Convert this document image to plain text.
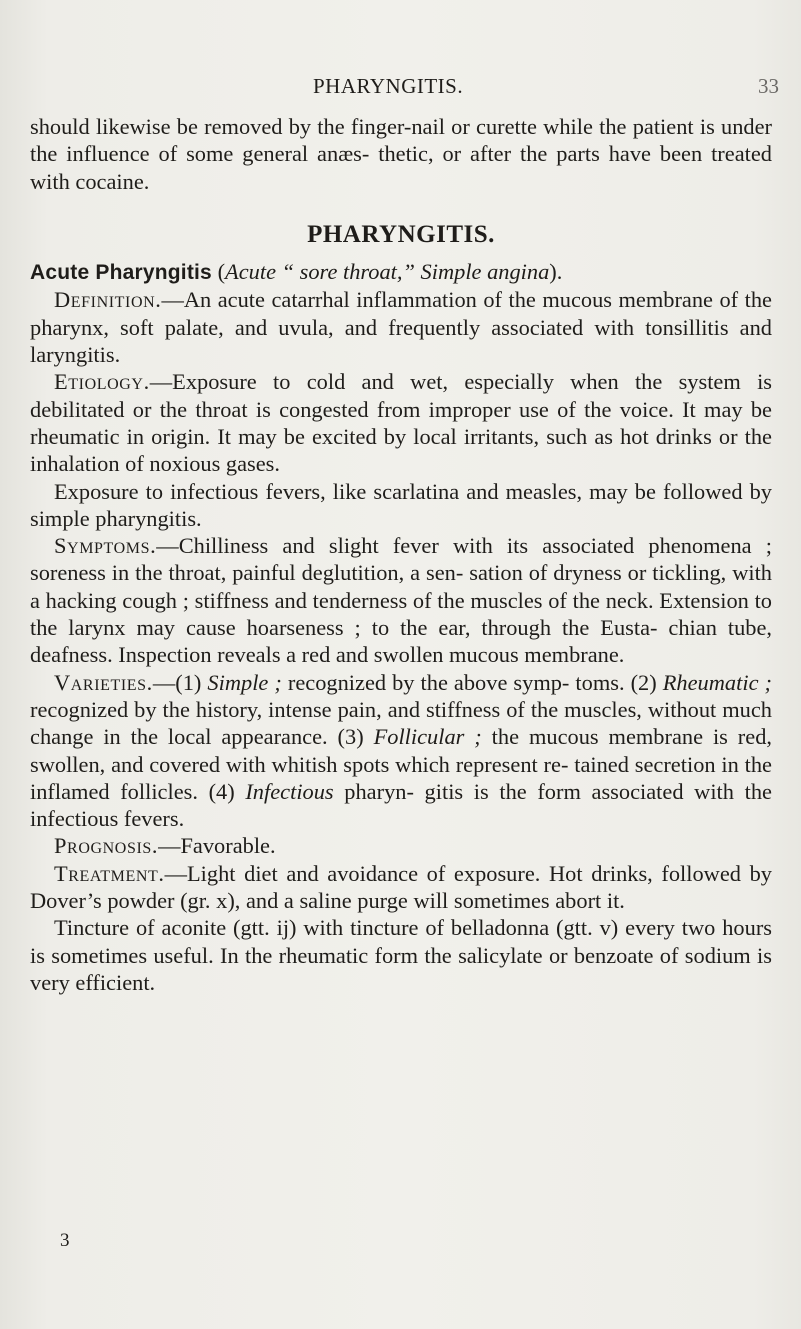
PHARYNGITIS.	33

should likewise be removed by the finger-nail or curette while the patient is under the influence of some general anæs- thetic, or after the parts have been treated with cocaine.

PHARYNGITIS.

Acute Pharyngitis (Acute “ sore throat,” Simple angina).

Definition.—An acute catarrhal inflammation of the mucous membrane of the pharynx, soft palate, and uvula, and frequently associated with tonsillitis and laryngitis.

Etiology.—Exposure to cold and wet, especially when the system is debilitated or the throat is congested from improper use of the voice. It may be rheumatic in origin. It may be excited by local irritants, such as hot drinks or the inhalation of noxious gases.

Exposure to infectious fevers, like scarlatina and measles, may be followed by simple pharyngitis.

Symptoms.—Chilliness and slight fever with its associated phenomena ; soreness in the throat, painful deglutition, a sen- sation of dryness or tickling, with a hacking cough ; stiffness and tenderness of the muscles of the neck. Extension to the larynx may cause hoarseness ; to the ear, through the Eusta- chian tube, deafness. Inspection reveals a red and swollen mucous membrane.

Varieties.—(1) Simple ; recognized by the above symp- toms. (2) Rheumatic ; recognized by the history, intense pain, and stiffness of the muscles, without much change in the local appearance. (3) Follicular ; the mucous membrane is red, swollen, and covered with whitish spots which represent re- tained secretion in the inflamed follicles. (4) Infectious pharyn- gitis is the form associated with the infectious fevers.

Prognosis.—Favorable.

Treatment.—Light diet and avoidance of exposure. Hot drinks, followed by Dover’s powder (gr. x), and a saline purge will sometimes abort it.

Tincture of aconite (gtt. ij) with tincture of belladonna (gtt. v) every two hours is sometimes useful. In the rheumatic form the salicylate or benzoate of sodium is very efficient.

3
